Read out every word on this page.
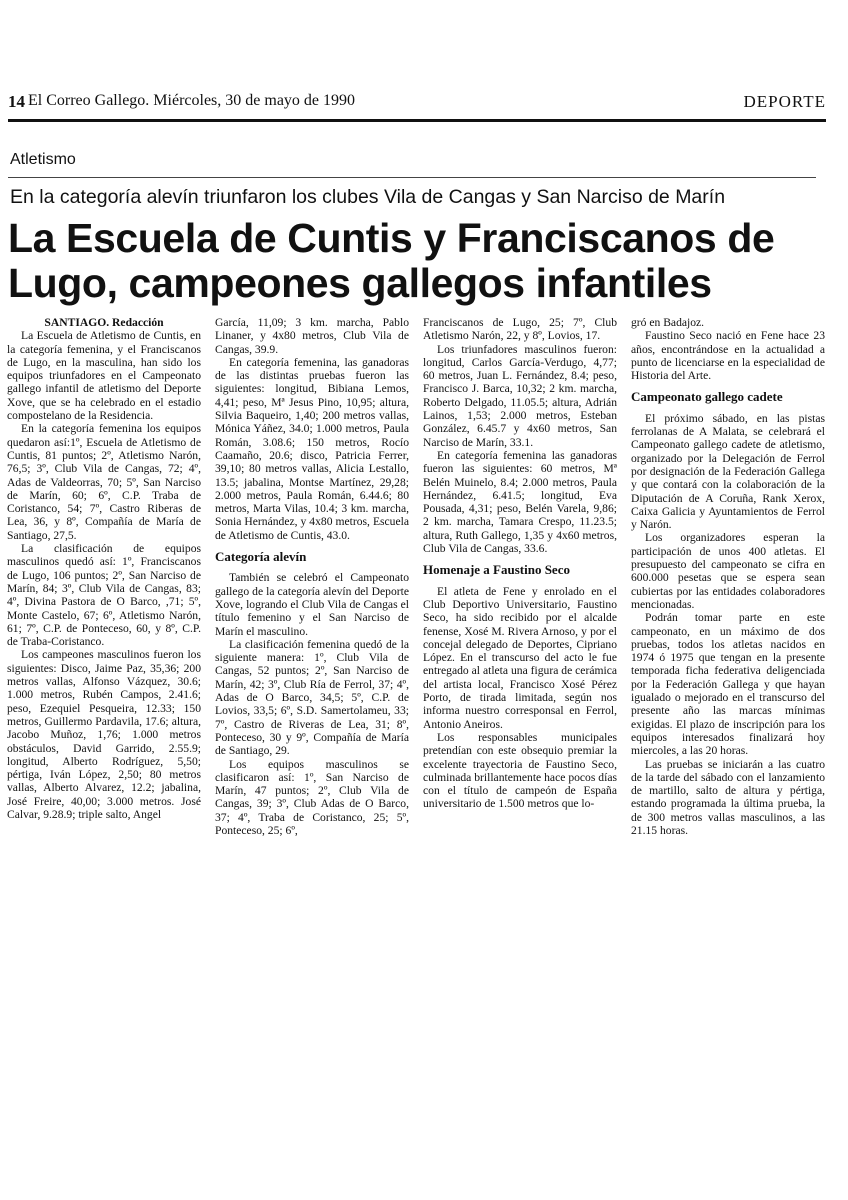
14 El Correo Gallego. Miércoles, 30 de mayo de 1990	DEPORTE
Atletismo
En la categoría alevín triunfaron los clubes Vila de Cangas y San Narciso de Marín
La Escuela de Cuntis y Franciscanos de Lugo, campeones gallegos infantiles

SANTIAGO. Redacción

La Escuela de Atletismo de Cuntis, en la categoría femenina, y el Franciscanos de Lugo, en la masculina, han sido los equipos triunfadores en el Campeonato gallego infantil de atletismo del Deporte Xove, que se ha celebrado en el estadio compostelano de la Residencia.

En la categoría femenina los equipos quedaron así:1º, Escuela de Atletismo de Cuntis, 81 puntos; 2º, Atletismo Narón, 76,5; 3º, Club Vila de Cangas, 72; 4º, Adas de Valdeorras, 70; 5º, San Narciso de Marín, 60; 6º, C.P. Traba de Coristanco, 54; 7º, Castro Riberas de Lea, 36, y 8º, Compañía de María de Santiago, 27,5.

La clasificación de equipos masculinos quedó así: 1º, Franciscanos de Lugo, 106 puntos; 2º, San Narciso de Marín, 84; 3º, Club Vila de Cangas, 83; 4º, Divina Pastora de O Barco, ,71; 5º, Monte Castelo, 67; 6º, Atletismo Narón, 61; 7º, C.P. de Ponteceso, 60, y 8º, C.P. de Traba-Coristanco.

Los campeones masculinos fueron los siguientes: Disco, Jaime Paz, 35,36; 200 metros vallas, Alfonso Vázquez, 30.6; 1.000 metros, Rubén Campos, 2.41.6; peso, Ezequiel Pesqueira, 12.33; 150 metros, Guillermo Pardavila, 17.6; altura, Jacobo Muñoz, 1,76; 1.000 metros obstáculos, David Garrido, 2.55.9; longitud, Alberto Rodríguez, 5,50; pértiga, Iván López, 2,50; 80 metros vallas, Alberto Alvarez, 12.2; jabalina, José Freire, 40,00; 3.000 metros. José Calvar, 9.28.9; triple salto, Angel

García, 11,09; 3 km. marcha, Pablo Linaner, y 4x80 metros, Club Vila de Cangas, 39.9.

En categoría femenina, las ganadoras de las distintas pruebas fueron las siguientes: longitud, Bibiana Lemos, 4,41; peso, Mª Jesus Pino, 10,95; altura, Silvia Baqueiro, 1,40; 200 metros vallas, Mónica Yáñez, 34.0; 1.000 metros, Paula Román, 3.08.6; 150 metros, Rocío Caamaño, 20.6; disco, Patricia Ferrer, 39,10; 80 metros vallas, Alicia Lestallo, 13.5; jabalina, Montse Martínez, 29,28; 2.000 metros, Paula Román, 6.44.6; 80 metros, Marta Vilas, 10.4; 3 km. marcha, Sonia Hernández, y 4x80 metros, Escuela de Atletismo de Cuntis, 43.0.

Categoría alevín

También se celebró el Campeonato gallego de la categoría alevín del Deporte Xove, logrando el Club Vila de Cangas el título femenino y el San Narciso de Marín el masculino.

La clasificación femenina quedó de la siguiente manera: 1º, Club Vila de Cangas, 52 puntos; 2º, San Narciso de Marín, 42; 3º, Club Ría de Ferrol, 37; 4º, Adas de O Barco, 34,5; 5º, C.P. de Lovios, 33,5; 6º, S.D. Samertolameu, 33; 7º, Castro de Riveras de Lea, 31; 8º, Ponteceso, 30 y 9º, Compañía de María de Santiago, 29.

Los equipos masculinos se clasificaron así: 1º, San Narciso de Marín, 47 puntos; 2º, Club Vila de Cangas, 39; 3º, Club Adas de O Barco, 37; 4º, Traba de Coristanco, 25; 5º, Ponteceso, 25; 6º,

Franciscanos de Lugo, 25; 7º, Club Atletismo Narón, 22, y 8º, Lovios, 17.

Los triunfadores masculinos fueron: longitud, Carlos García-Verdugo, 4,77; 60 metros, Juan L. Fernández, 8.4; peso, Francisco J. Barca, 10,32; 2 km. marcha, Roberto Delgado, 11.05.5; altura, Adrián Lainos, 1,53; 2.000 metros, Esteban González, 6.45.7 y 4x60 metros, San Narciso de Marín, 33.1.

En categoría femenina las ganadoras fueron las siguientes: 60 metros, Mª Belén Muinelo, 8.4; 2.000 metros, Paula Hernández, 6.41.5; longitud, Eva Pousada, 4,31; peso, Belén Varela, 9,86; 2 km. marcha, Tamara Crespo, 11.23.5; altura, Ruth Gallego, 1,35 y 4x60 metros, Club Vila de Cangas, 33.6.

Homenaje a Faustino Seco

El atleta de Fene y enrolado en el Club Deportivo Universitario, Faustino Seco, ha sido recibido por el alcalde fenense, Xosé M. Rivera Arnoso, y por el concejal delegado de Deportes, Cipriano López. En el transcurso del acto le fue entregado al atleta una figura de cerámica del artista local, Francisco Xosé Pérez Porto, de tirada limitada, según nos informa nuestro corresponsal en Ferrol, Antonio Aneiros.

Los responsables municipales pretendían con este obsequio premiar la excelente trayectoria de Faustino Seco, culminada brillantemente hace pocos días con el título de campeón de España universitario de 1.500 metros que lo-

gró en Badajoz.

Faustino Seco nació en Fene hace 23 años, encontrándose en la actualidad a punto de licenciarse en la especialidad de Historia del Arte.

Campeonato gallego cadete

El próximo sábado, en las pistas ferrolanas de A Malata, se celebrará el Campeonato gallego cadete de atletismo, organizado por la Delegación de Ferrol por designación de la Federación Gallega y que contará con la colaboración de la Diputación de A Coruña, Rank Xerox, Caixa Galicia y Ayuntamientos de Ferrol y Narón.

Los organizadores esperan la participación de unos 400 atletas. El presupuesto del campeonato se cifra en 600.000 pesetas que se espera sean cubiertas por las entidades colaboradores mencionadas.

Podrán tomar parte en este campeonato, en un máximo de dos pruebas, todos los atletas nacidos en 1974 ó 1975 que tengan en la presente temporada ficha federativa deligenciada por la Federación Gallega y que hayan igualado o mejorado en el transcurso del presente año las marcas mínimas exigidas. El plazo de inscripción para los equipos interesados finalizará hoy miercoles, a las 20 horas.

Las pruebas se iniciarán a las cuatro de la tarde del sábado con el lanzamiento de martillo, salto de altura y pértiga, estando programada la última prueba, la de 300 metros vallas masculinos, a las 21.15 horas.
